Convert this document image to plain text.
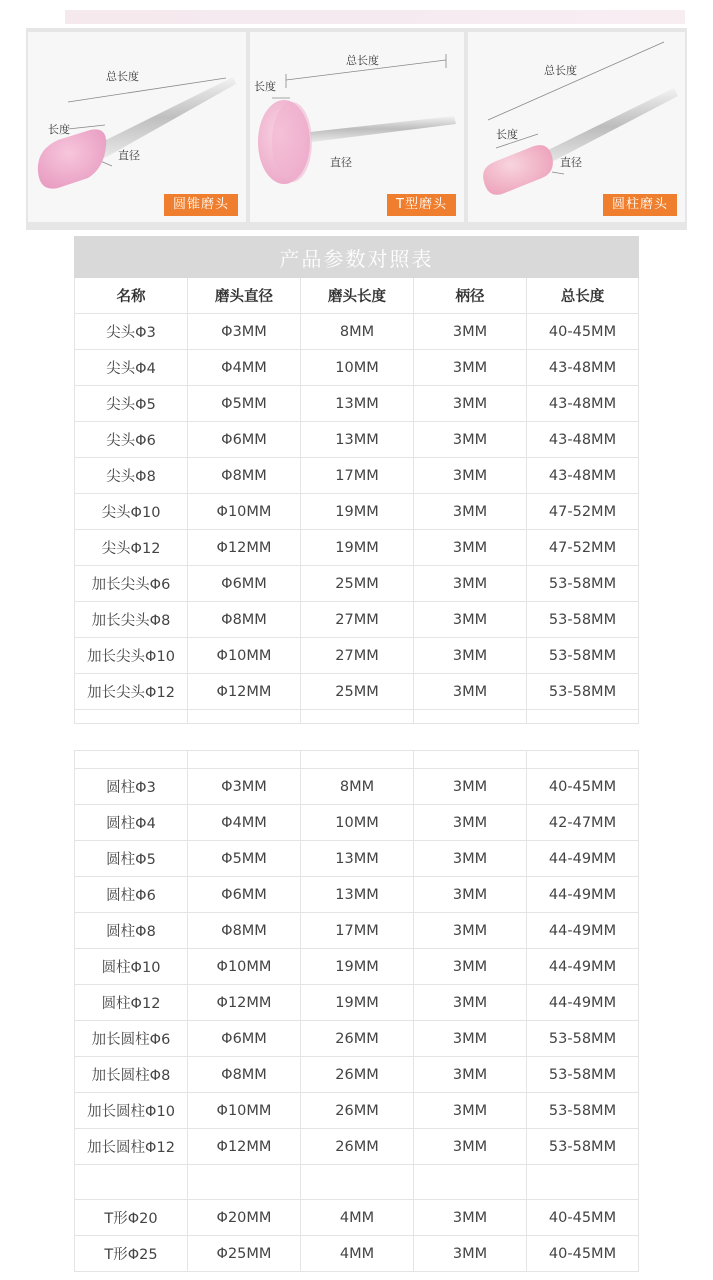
总长度
长度
直径
圆锥磨头
总长度
长度
直径
T型磨头
总长度
长度
直径
圆柱磨头
产品参数对照表				
名称	磨头直径	磨头长度	柄径	总长度
尖头Φ3	Φ3MM	8MM	3MM	40-45MM
尖头Φ4	Φ4MM	10MM	3MM	43-48MM
尖头Φ5	Φ5MM	13MM	3MM	43-48MM
尖头Φ6	Φ6MM	13MM	3MM	43-48MM
尖头Φ8	Φ8MM	17MM	3MM	43-48MM
尖头Φ10	Φ10MM	19MM	3MM	47-52MM
尖头Φ12	Φ12MM	19MM	3MM	47-52MM
加长尖头Φ6	Φ6MM	25MM	3MM	53-58MM
加长尖头Φ8	Φ8MM	27MM	3MM	53-58MM
加长尖头Φ10	Φ10MM	27MM	3MM	53-58MM
加长尖头Φ12	Φ12MM	25MM	3MM	53-58MM

圆柱Φ3	Φ3MM	8MM	3MM	40-45MM
圆柱Φ4	Φ4MM	10MM	3MM	42-47MM
圆柱Φ5	Φ5MM	13MM	3MM	44-49MM
圆柱Φ6	Φ6MM	13MM	3MM	44-49MM
圆柱Φ8	Φ8MM	17MM	3MM	44-49MM
圆柱Φ10	Φ10MM	19MM	3MM	44-49MM
圆柱Φ12	Φ12MM	19MM	3MM	44-49MM
加长圆柱Φ6	Φ6MM	26MM	3MM	53-58MM
加长圆柱Φ8	Φ8MM	26MM	3MM	53-58MM
加长圆柱Φ10	Φ10MM	26MM	3MM	53-58MM
加长圆柱Φ12	Φ12MM	26MM	3MM	53-58MM

T形Φ20	Φ20MM	4MM	3MM	40-45MM
T形Φ25	Φ25MM	4MM	3MM	40-45MM
